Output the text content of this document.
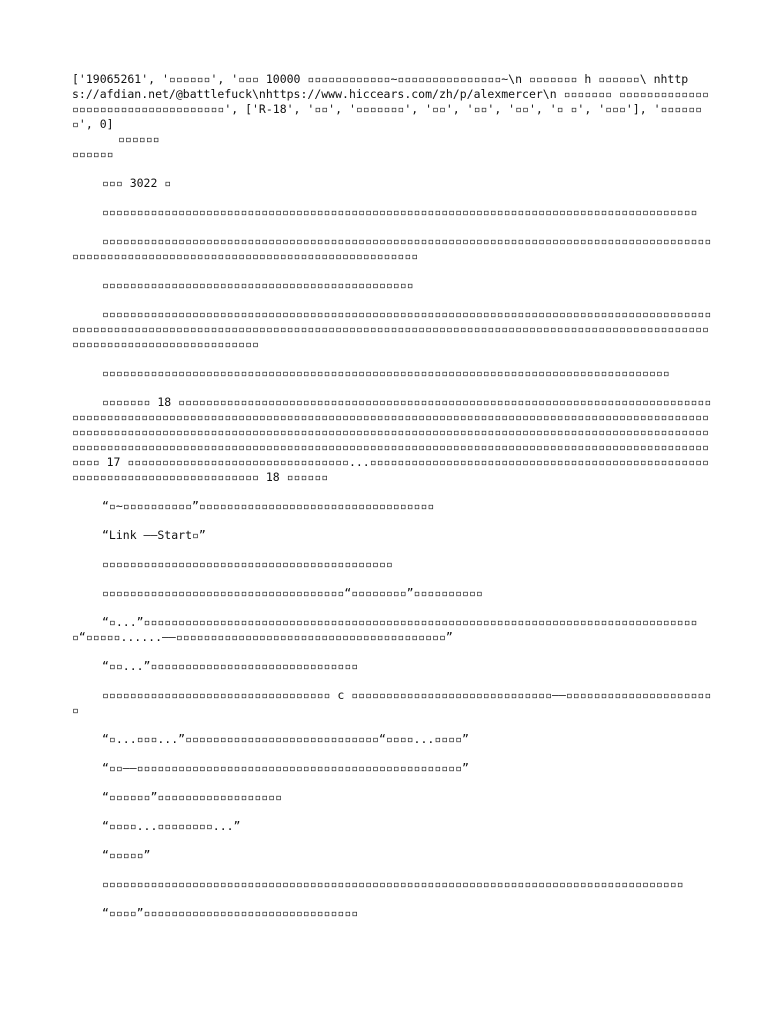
['19065261', '▫▫▫▫▫▫', '▫▫▫ 10000 ▫▫▫▫▫▫▫▫▫▫▫▫~▫▫▫▫▫▫▫▫▫▫▫▫▫▫▫~\n ▫▫▫▫▫▫▫ h ▫▫▫▫▫▫\ nhttps://afdian.net/@battlefuck\nhttps://www.hiccears.com/zh/p/alexmercer\n ▫▫▫▫▫▫▫ ▫▫▫▫▫▫▫▫▫▫▫▫▫▫▫▫▫▫▫▫▫▫▫▫▫▫▫▫▫▫▫▫▫▫▫', ['R-18', '▫▫', '▫▫▫▫▫▫▫', '▫▫', '▫▫', '▫▫', '▫ ▫', '▫▫▫'], '▫▫▫▫▫▫▫', 0]

▫▫▫▫▫▫

▫▫▫▫▫▫

▫▫▫ 3022 ▫

▫▫▫▫▫▫▫▫▫▫▫▫▫▫▫▫▫▫▫▫▫▫▫▫▫▫▫▫▫▫▫▫▫▫▫▫▫▫▫▫▫▫▫▫▫▫▫▫▫▫▫▫▫▫▫▫▫▫▫▫▫▫▫▫▫▫▫▫▫▫▫▫▫▫▫▫▫▫▫▫▫▫▫▫▫▫

▫▫▫▫▫▫▫▫▫▫▫▫▫▫▫▫▫▫▫▫▫▫▫▫▫▫▫▫▫▫▫▫▫▫▫▫▫▫▫▫▫▫▫▫▫▫▫▫▫▫▫▫▫▫▫▫▫▫▫▫▫▫▫▫▫▫▫▫▫▫▫▫▫▫▫▫▫▫▫▫▫▫▫▫▫▫▫▫▫▫▫▫▫▫▫▫▫▫▫▫▫▫▫▫▫▫▫▫▫▫▫▫▫▫▫▫▫▫▫▫▫▫▫▫▫▫▫▫▫▫▫▫▫▫▫▫▫▫

▫▫▫▫▫▫▫▫▫▫▫▫▫▫▫▫▫▫▫▫▫▫▫▫▫▫▫▫▫▫▫▫▫▫▫▫▫▫▫▫▫▫▫▫▫

▫▫▫▫▫▫▫▫▫▫▫▫▫▫▫▫▫▫▫▫▫▫▫▫▫▫▫▫▫▫▫▫▫▫▫▫▫▫▫▫▫▫▫▫▫▫▫▫▫▫▫▫▫▫▫▫▫▫▫▫▫▫▫▫▫▫▫▫▫▫▫▫▫▫▫▫▫▫▫▫▫▫▫▫▫▫▫▫▫▫▫▫▫▫▫▫▫▫▫▫▫▫▫▫▫▫▫▫▫▫▫▫▫▫▫▫▫▫▫▫▫▫▫▫▫▫▫▫▫▫▫▫▫▫▫▫▫▫▫▫▫▫▫▫▫▫▫▫▫▫▫▫▫▫▫▫▫▫▫▫▫▫▫▫▫▫▫▫▫▫▫▫▫▫▫▫▫▫▫▫▫▫▫▫▫▫▫▫▫▫▫▫▫▫▫▫▫▫▫▫▫▫▫▫▫▫▫

▫▫▫▫▫▫▫▫▫▫▫▫▫▫▫▫▫▫▫▫▫▫▫▫▫▫▫▫▫▫▫▫▫▫▫▫▫▫▫▫▫▫▫▫▫▫▫▫▫▫▫▫▫▫▫▫▫▫▫▫▫▫▫▫▫▫▫▫▫▫▫▫▫▫▫▫▫▫▫▫▫▫

▫▫▫▫▫▫▫ 18 ▫▫▫▫▫▫▫▫▫▫▫▫▫▫▫▫▫▫▫▫▫▫▫▫▫▫▫▫▫▫▫▫▫▫▫▫▫▫▫▫▫▫▫▫▫▫▫▫▫▫▫▫▫▫▫▫▫▫▫▫▫▫▫▫▫▫▫▫▫▫▫▫▫▫▫▫▫▫▫▫▫▫▫▫▫▫▫▫▫▫▫▫▫▫▫▫▫▫▫▫▫▫▫▫▫▫▫▫▫▫▫▫▫▫▫▫▫▫▫▫▫▫▫▫▫▫▫▫▫▫▫▫▫▫▫▫▫▫▫▫▫▫▫▫▫▫▫▫▫▫▫▫▫▫▫▫▫▫▫▫▫▫▫▫▫▫▫▫▫▫▫▫▫▫▫▫▫▫▫▫▫▫▫▫▫▫▫▫▫▫▫▫▫▫▫▫▫▫▫▫▫▫▫▫▫▫▫▫▫▫▫▫▫▫▫▫▫▫▫▫▫▫▫▫▫▫▫▫▫▫▫▫▫▫▫▫▫▫▫▫▫▫▫▫▫▫▫▫▫▫▫▫▫▫▫▫▫▫▫▫▫▫▫▫▫▫▫▫▫▫▫▫▫▫▫▫▫▫▫▫▫▫▫▫▫▫▫▫▫▫▫▫▫▫▫▫▫▫▫▫▫▫▫▫▫▫▫▫▫▫▫▫▫▫▫▫▫▫▫▫▫▫▫▫▫▫▫▫▫▫▫▫▫▫▫▫▫▫▫▫▫▫▫▫▫▫▫▫▫▫▫▫▫▫▫▫▫ 17 ▫▫▫▫▫▫▫▫▫▫▫▫▫▫▫▫▫▫▫▫▫▫▫▫▫▫▫▫▫▫▫▫...▫▫▫▫▫▫▫▫▫▫▫▫▫▫▫▫▫▫▫▫▫▫▫▫▫▫▫▫▫▫▫▫▫▫▫▫▫▫▫▫▫▫▫▫▫▫▫▫▫▫▫▫▫▫▫▫▫▫▫▫▫▫▫▫▫▫▫▫▫▫▫▫▫▫▫▫ 18 ▫▫▫▫▫▫

“▫~▫▫▫▫▫▫▫▫▫▫”▫▫▫▫▫▫▫▫▫▫▫▫▫▫▫▫▫▫▫▫▫▫▫▫▫▫▫▫▫▫▫▫▫▫

“Link ——Start▫”

▫▫▫▫▫▫▫▫▫▫▫▫▫▫▫▫▫▫▫▫▫▫▫▫▫▫▫▫▫▫▫▫▫▫▫▫▫▫▫▫▫▫

▫▫▫▫▫▫▫▫▫▫▫▫▫▫▫▫▫▫▫▫▫▫▫▫▫▫▫▫▫▫▫▫▫▫▫“▫▫▫▫▫▫▫▫”▫▫▫▫▫▫▫▫▫▫

“▫...”▫▫▫▫▫▫▫▫▫▫▫▫▫▫▫▫▫▫▫▫▫▫▫▫▫▫▫▫▫▫▫▫▫▫▫▫▫▫▫▫▫▫▫▫▫▫▫▫▫▫▫▫▫▫▫▫▫▫▫▫▫▫▫▫▫▫▫▫▫▫▫▫▫▫▫▫▫▫▫▫▫“▫▫▫▫▫......——▫▫▫▫▫▫▫▫▫▫▫▫▫▫▫▫▫▫▫▫▫▫▫▫▫▫▫▫▫▫▫▫▫▫▫▫▫▫▫”

“▫▫...”▫▫▫▫▫▫▫▫▫▫▫▫▫▫▫▫▫▫▫▫▫▫▫▫▫▫▫▫▫▫

▫▫▫▫▫▫▫▫▫▫▫▫▫▫▫▫▫▫▫▫▫▫▫▫▫▫▫▫▫▫▫▫▫ c ▫▫▫▫▫▫▫▫▫▫▫▫▫▫▫▫▫▫▫▫▫▫▫▫▫▫▫▫▫——▫▫▫▫▫▫▫▫▫▫▫▫▫▫▫▫▫▫▫▫▫▫

“▫...▫▫▫...”▫▫▫▫▫▫▫▫▫▫▫▫▫▫▫▫▫▫▫▫▫▫▫▫▫▫▫▫“▫▫▫▫...▫▫▫▫”

“▫▫——▫▫▫▫▫▫▫▫▫▫▫▫▫▫▫▫▫▫▫▫▫▫▫▫▫▫▫▫▫▫▫▫▫▫▫▫▫▫▫▫▫▫▫▫▫▫▫”

“▫▫▫▫▫▫”▫▫▫▫▫▫▫▫▫▫▫▫▫▫▫▫▫▫

“▫▫▫▫...▫▫▫▫▫▫▫▫...”

“▫▫▫▫▫”

▫▫▫▫▫▫▫▫▫▫▫▫▫▫▫▫▫▫▫▫▫▫▫▫▫▫▫▫▫▫▫▫▫▫▫▫▫▫▫▫▫▫▫▫▫▫▫▫▫▫▫▫▫▫▫▫▫▫▫▫▫▫▫▫▫▫▫▫▫▫▫▫▫▫▫▫▫▫▫▫▫▫▫▫

“▫▫▫▫”▫▫▫▫▫▫▫▫▫▫▫▫▫▫▫▫▫▫▫▫▫▫▫▫▫▫▫▫▫▫▫
